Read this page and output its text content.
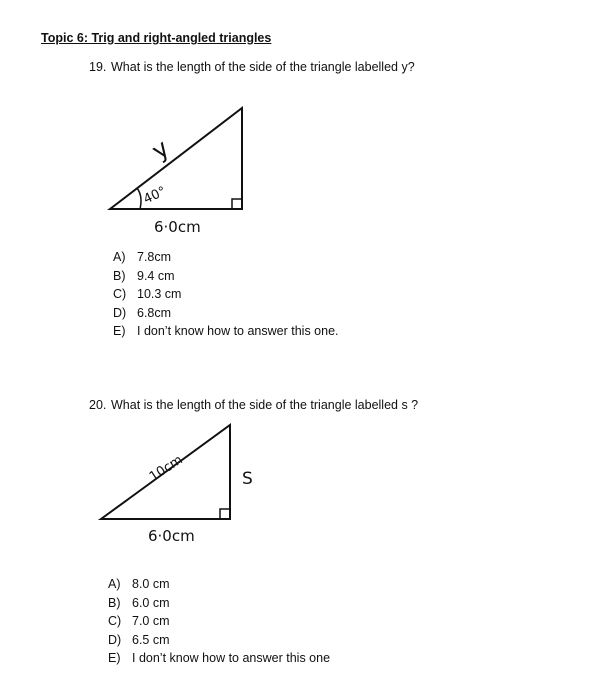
Topic 6: Trig and right-angled triangles

19. What is the length of the side of the triangle labelled y?

y
40°
6·0cm
A) 7.8cm
B) 9.4 cm
C) 10.3 cm
D) 6.8cm
E) I don’t know how to answer this one.

20. What is the length of the side of the triangle labelled s ?

10cm	S
6·0cm
A) 8.0 cm
B) 6.0 cm
C) 7.0 cm
D) 6.5 cm
E) I don’t know how to answer this one
